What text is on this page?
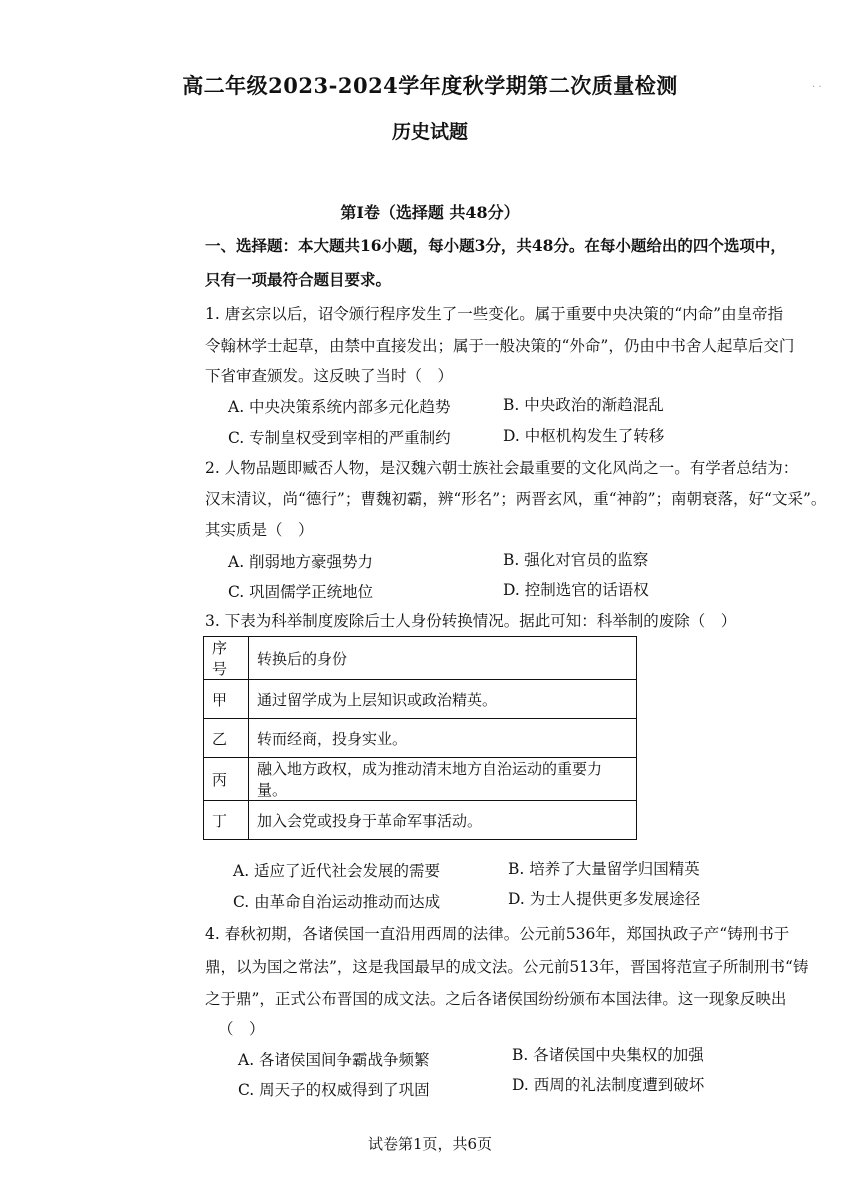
高二年级2023-2024学年度秋学期第二次质量检测
历史试题
第Ⅰ卷（选择题 共48分）
一、选择题：本大题共16小题，每小题3分，共48分。在每小题给出的四个选项中，
只有一项最符合题目要求。
1. 唐玄宗以后，诏令颁行程序发生了一些变化。属于重要中央决策的“内命”由皇帝指
令翰林学士起草，由禁中直接发出；属于一般决策的“外命”，仍由中书舍人起草后交门
下省审查颁发。这反映了当时（　）
A. 中央决策系统内部多元化趋势	B. 中央政治的渐趋混乱
C. 专制皇权受到宰相的严重制约	D. 中枢机构发生了转移
2. 人物品题即臧否人物，是汉魏六朝士族社会最重要的文化风尚之一。有学者总结为：
汉末清议，尚“德行”；曹魏初霸，辨“形名”；两晋玄风，重“神韵”；南朝衰落，好“文采”。
其实质是（　）
A. 削弱地方豪强势力	B. 强化对官员的监察
C. 巩固儒学正统地位	D. 控制选官的话语权
3. 下表为科举制度废除后士人身份转换情况。据此可知：科举制的废除（　）
序号	转换后的身份
甲	通过留学成为上层知识或政治精英。
乙	转而经商，投身实业。
丙	融入地方政权，成为推动清末地方自治运动的重要力量。
丁	加入会党或投身于革命军事活动。
A. 适应了近代社会发展的需要	B. 培养了大量留学归国精英
C. 由革命自治运动推动而达成	D. 为士人提供更多发展途径
4. 春秋初期，各诸侯国一直沿用西周的法律。公元前536年，郑国执政子产“铸刑书于
鼎，以为国之常法”，这是我国最早的成文法。公元前513年，晋国将范宣子所制刑书“铸
之于鼎”，正式公布晋国的成文法。之后各诸侯国纷纷颁布本国法律。这一现象反映出
（　）
A. 各诸侯国间争霸战争频繁	B. 各诸侯国中央集权的加强
C. 周天子的权威得到了巩固	D. 西周的礼法制度遭到破坏
试卷第1页，共6页
· ·
